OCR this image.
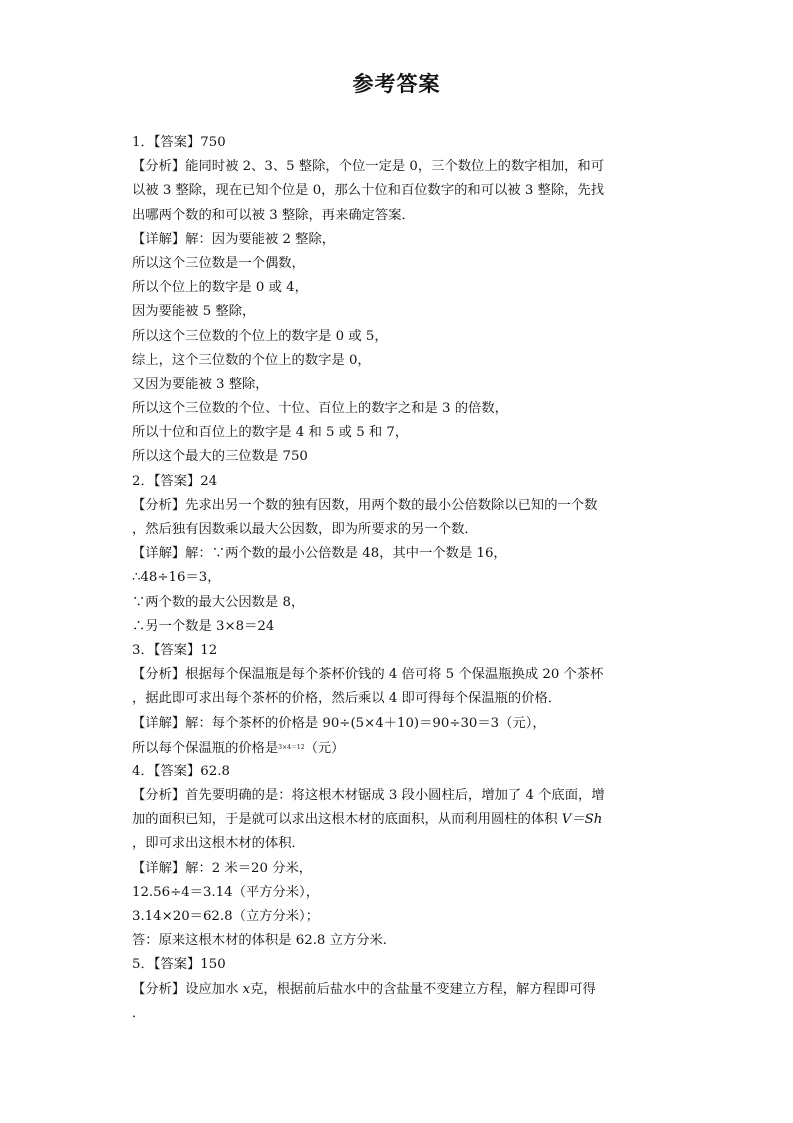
参考答案
1．【答案】750
【分析】能同时被 2、3、5 整除，个位一定是 0，三个数位上的数字相加，和可
以被 3 整除，现在已知个位是 0，那么十位和百位数字的和可以被 3 整除，先找
出哪两个数的和可以被 3 整除，再来确定答案．
【详解】解：因为要能被 2 整除，
所以这个三位数是一个偶数，
所以个位上的数字是 0 或 4，
因为要能被 5 整除，
所以这个三位数的个位上的数字是 0 或 5，
综上，这个三位数的个位上的数字是 0，
又因为要能被 3 整除，
所以这个三位数的个位、十位、百位上的数字之和是 3 的倍数，
所以十位和百位上的数字是 4 和 5 或 5 和 7，
所以这个最大的三位数是 750
2．【答案】24
【分析】先求出另一个数的独有因数，用两个数的最小公倍数除以已知的一个数
，然后独有因数乘以最大公因数，即为所要求的另一个数．
【详解】解：∵两个数的最小公倍数是 48，其中一个数是 16，
∴48÷16＝3，
∵两个数的最大公因数是 8，
∴另一个数是 3×8＝24
3．【答案】12
【分析】根据每个保温瓶是每个茶杯价钱的 4 倍可将 5 个保温瓶换成 20 个茶杯
，据此即可求出每个茶杯的价格，然后乘以 4 即可得每个保温瓶的价格．
【详解】解：每个茶杯的价格是 90÷(5×4＋10)＝90÷30＝3（元），
所以每个保温瓶的价格是$^{3\times 4=12}$（元）
4．【答案】62.8
【分析】首先要明确的是：将这根木材锯成 3 段小圆柱后，增加了 4 个底面，增
加的面积已知，于是就可以求出这根木材的底面积，从而利用圆柱的体积 V＝Sh
，即可求出这根木材的体积．
【详解】解：2 米＝20 分米，
12.56÷4＝3.14（平方分米），
3.14×20＝62.8（立方分米）；
答：原来这根木材的体积是 62.8 立方分米.
5．【答案】150
【分析】设应加水 x克，根据前后盐水中的含盐量不变建立方程，解方程即可得
．
